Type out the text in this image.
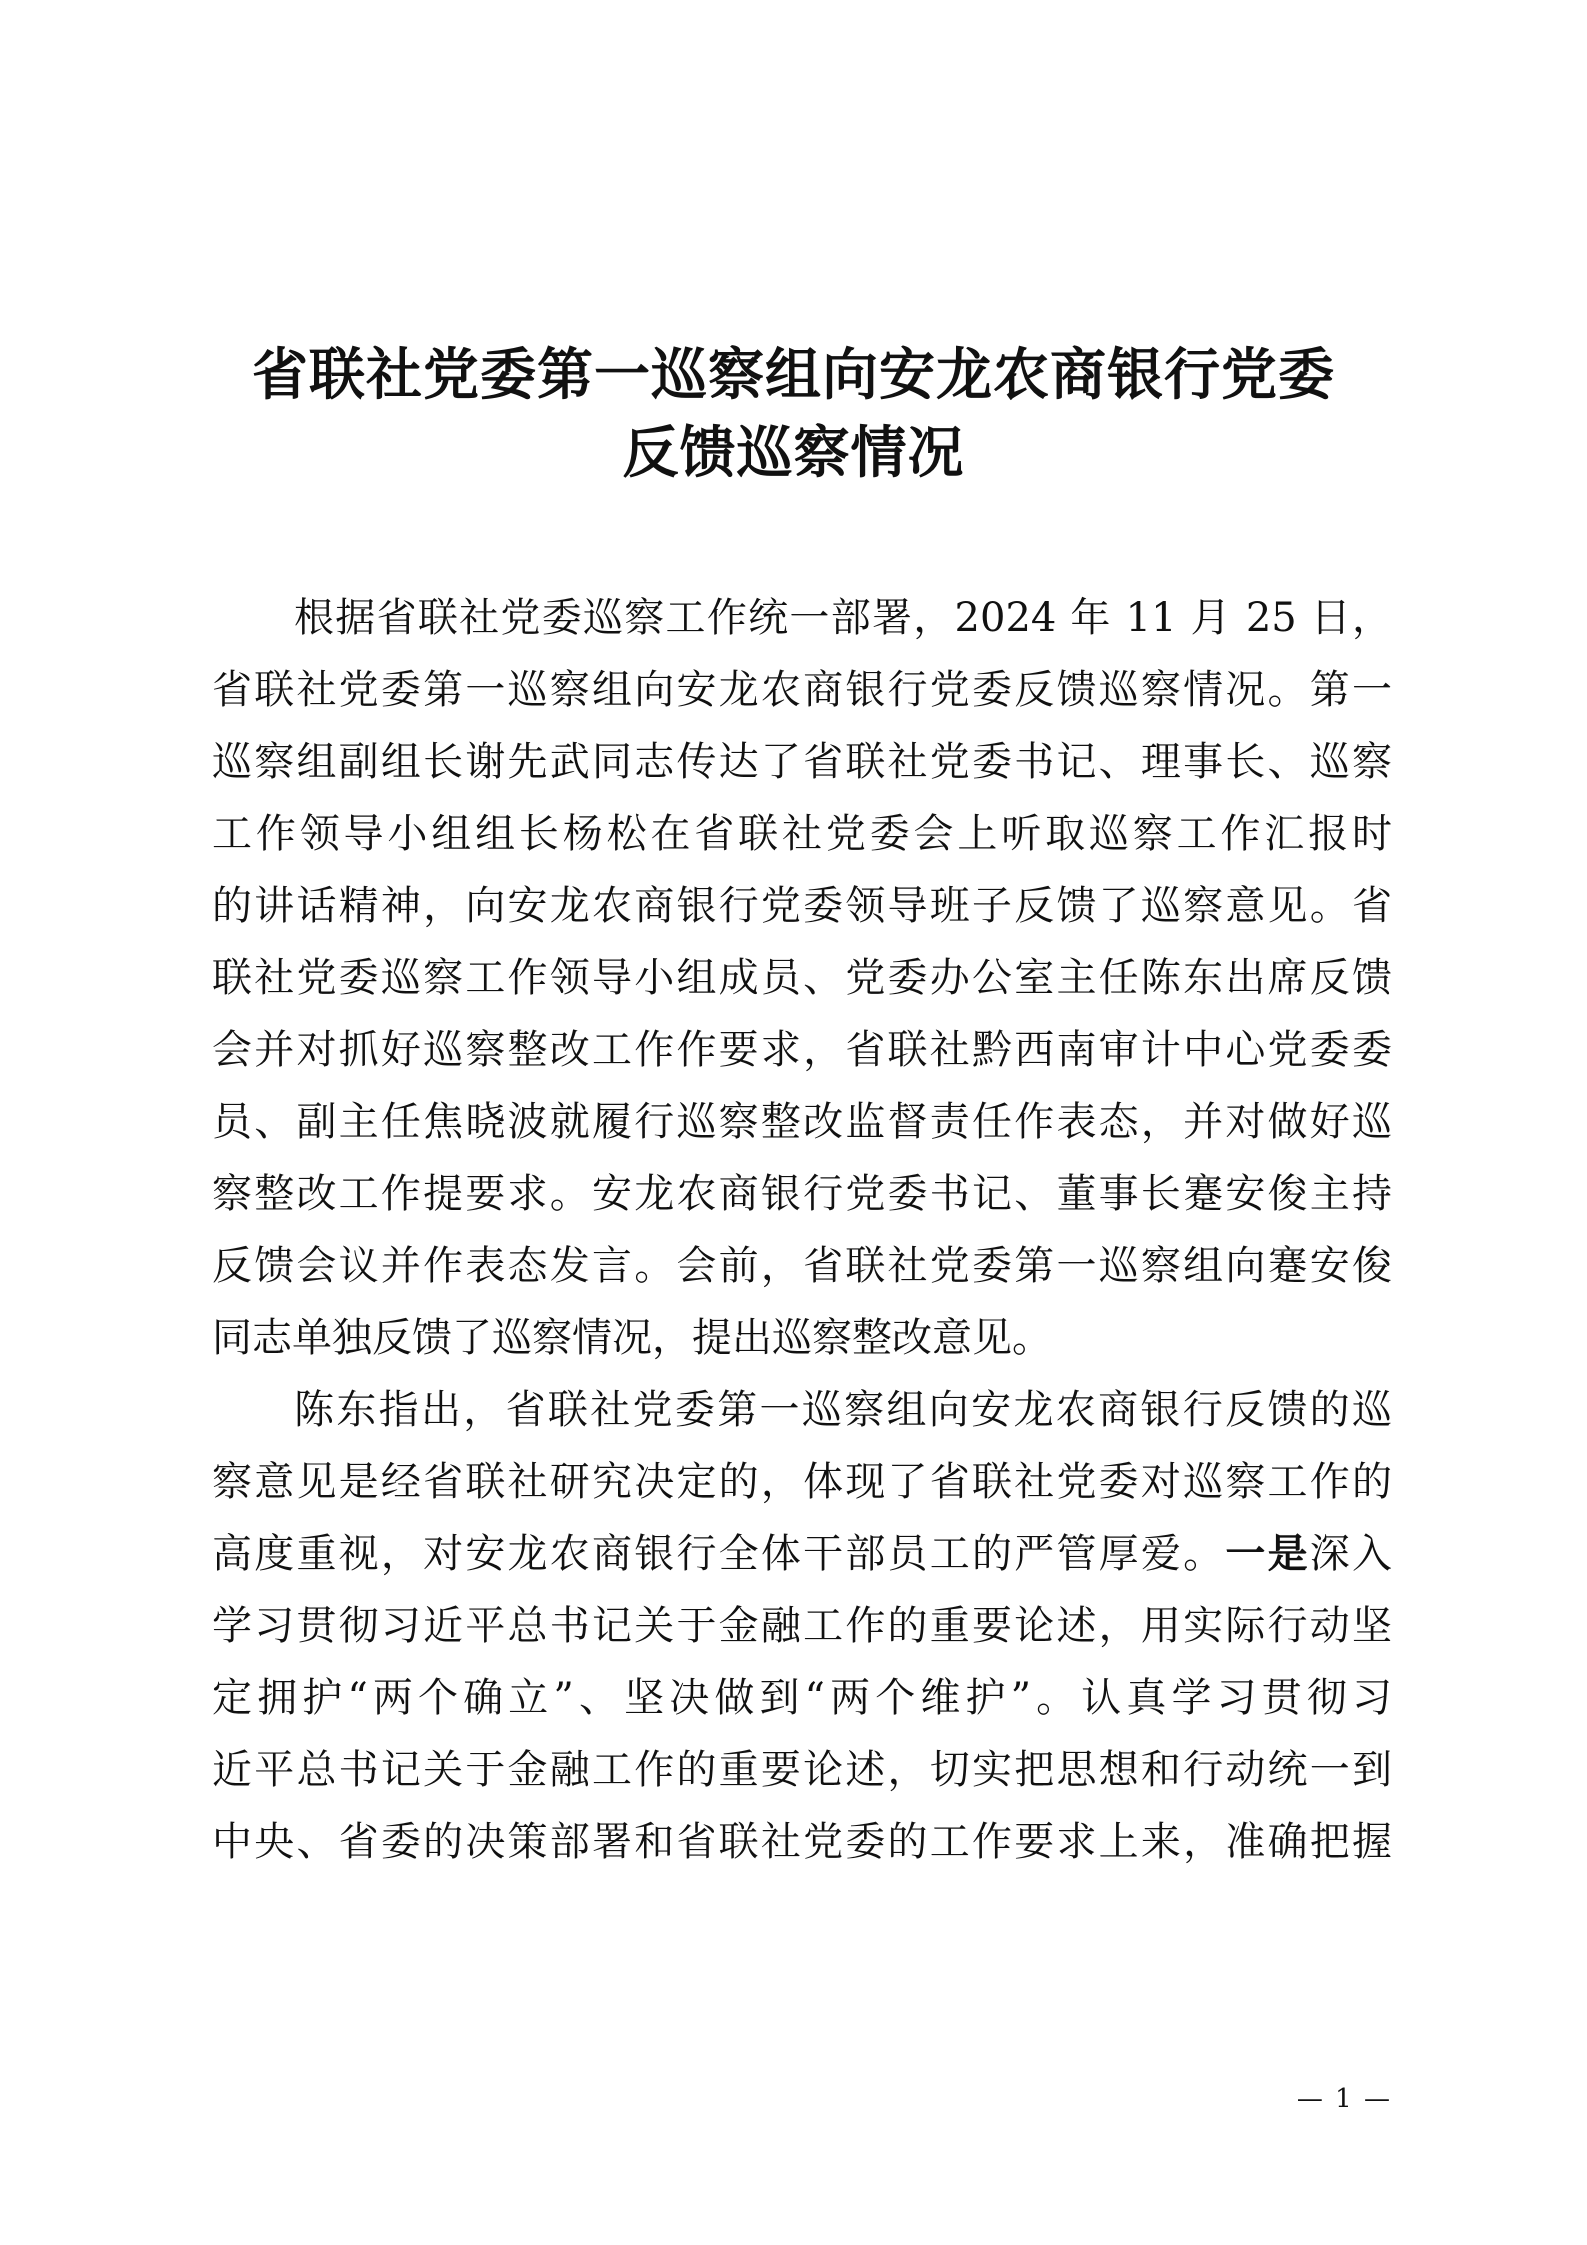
省联社党委第一巡察组向安龙农商银行党委
反馈巡察情况
根据省联社党委巡察工作统一部署，2024 年 11 月 25 日，
省联社党委第一巡察组向安龙农商银行党委反馈巡察情况。第一
巡察组副组长谢先武同志传达了省联社党委书记、理事长、巡察
工作领导小组组长杨松在省联社党委会上听取巡察工作汇报时
的讲话精神，向安龙农商银行党委领导班子反馈了巡察意见。省
联社党委巡察工作领导小组成员、党委办公室主任陈东出席反馈
会并对抓好巡察整改工作作要求，省联社黔西南审计中心党委委
员、副主任焦晓波就履行巡察整改监督责任作表态，并对做好巡
察整改工作提要求。安龙农商银行党委书记、董事长蹇安俊主持
反馈会议并作表态发言。会前，省联社党委第一巡察组向蹇安俊
同志单独反馈了巡察情况，提出巡察整改意见。
陈东指出，省联社党委第一巡察组向安龙农商银行反馈的巡
察意见是经省联社研究决定的，体现了省联社党委对巡察工作的
高度重视，对安龙农商银行全体干部员工的严管厚爱。一是深入
学习贯彻习近平总书记关于金融工作的重要论述，用实际行动坚
定拥护“两个确立”、坚决做到“两个维护”。认真学习贯彻习
近平总书记关于金融工作的重要论述，切实把思想和行动统一到
中央、省委的决策部署和省联社党委的工作要求上来，准确把握
— 1 —
